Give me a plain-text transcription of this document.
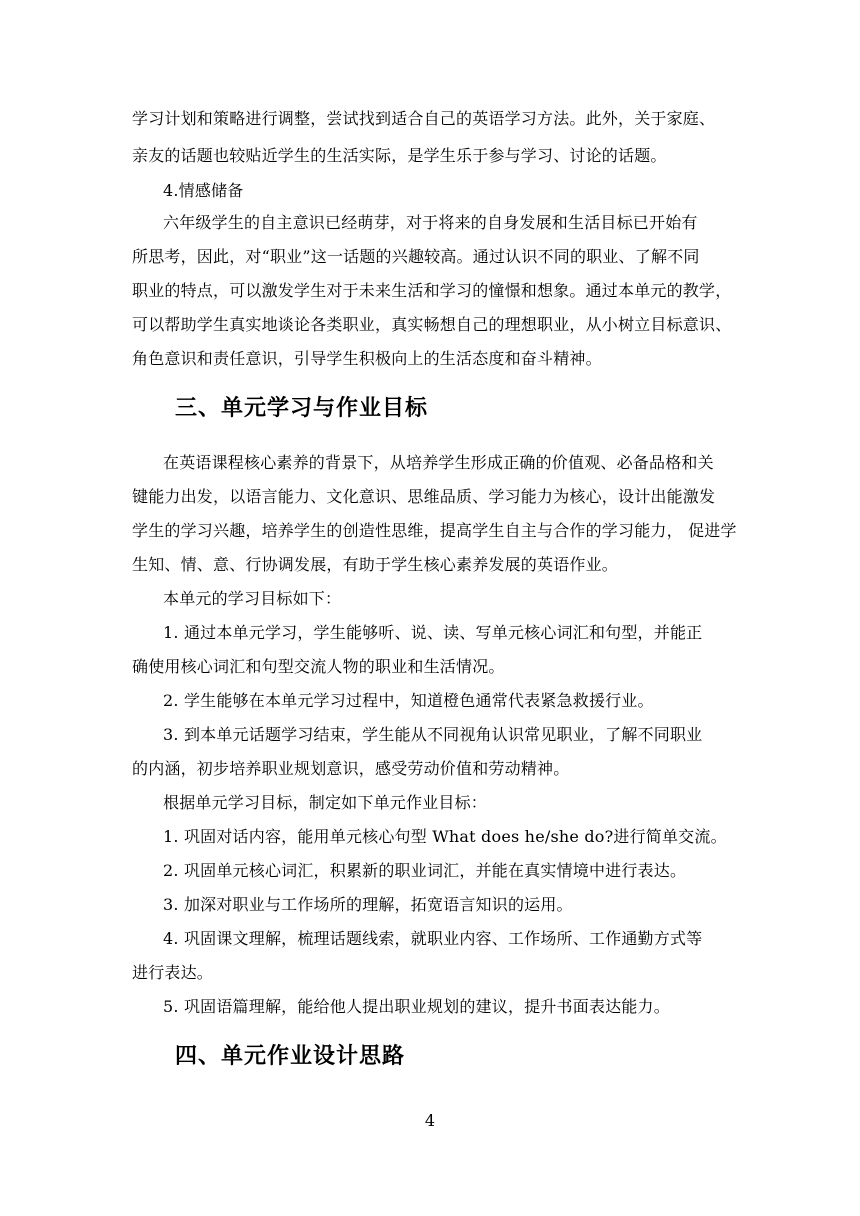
学习计划和策略进行调整，尝试找到适合自己的英语学习方法。此外，关于家庭、
亲友的话题也较贴近学生的生活实际，是学生乐于参与学习、讨论的话题。
4.情感储备
六年级学生的自主意识已经萌芽，对于将来的自身发展和生活目标已开始有
所思考，因此，对“职业”这一话题的兴趣较高。通过认识不同的职业、了解不同
职业的特点，可以激发学生对于未来生活和学习的憧憬和想象。通过本单元的教学，
可以帮助学生真实地谈论各类职业，真实畅想自己的理想职业，从小树立目标意识、
角色意识和责任意识，引导学生积极向上的生活态度和奋斗精神。
三、单元学习与作业目标
在英语课程核心素养的背景下，从培养学生形成正确的价值观、必备品格和关
键能力出发，以语言能力、文化意识、思维品质、学习能力为核心，设计出能激发
学生的学习兴趣，培养学生的创造性思维，提高学生自主与合作的学习能力， 促进学
生知、情、意、行协调发展，有助于学生核心素养发展的英语作业。
本单元的学习目标如下：
1. 通过本单元学习，学生能够听、说、读、写单元核心词汇和句型，并能正
确使用核心词汇和句型交流人物的职业和生活情况。
2. 学生能够在本单元学习过程中，知道橙色通常代表紧急救援行业。
3. 到本单元话题学习结束，学生能从不同视角认识常见职业，了解不同职业
的内涵，初步培养职业规划意识，感受劳动价值和劳动精神。
根据单元学习目标，制定如下单元作业目标：
1. 巩固对话内容，能用单元核心句型 What does he/she do?进行简单交流。
2. 巩固单元核心词汇，积累新的职业词汇，并能在真实情境中进行表达。
3. 加深对职业与工作场所的理解，拓宽语言知识的运用。
4. 巩固课文理解，梳理话题线索，就职业内容、工作场所、工作通勤方式等
进行表达。
5. 巩固语篇理解，能给他人提出职业规划的建议，提升书面表达能力。
四、单元作业设计思路
4
